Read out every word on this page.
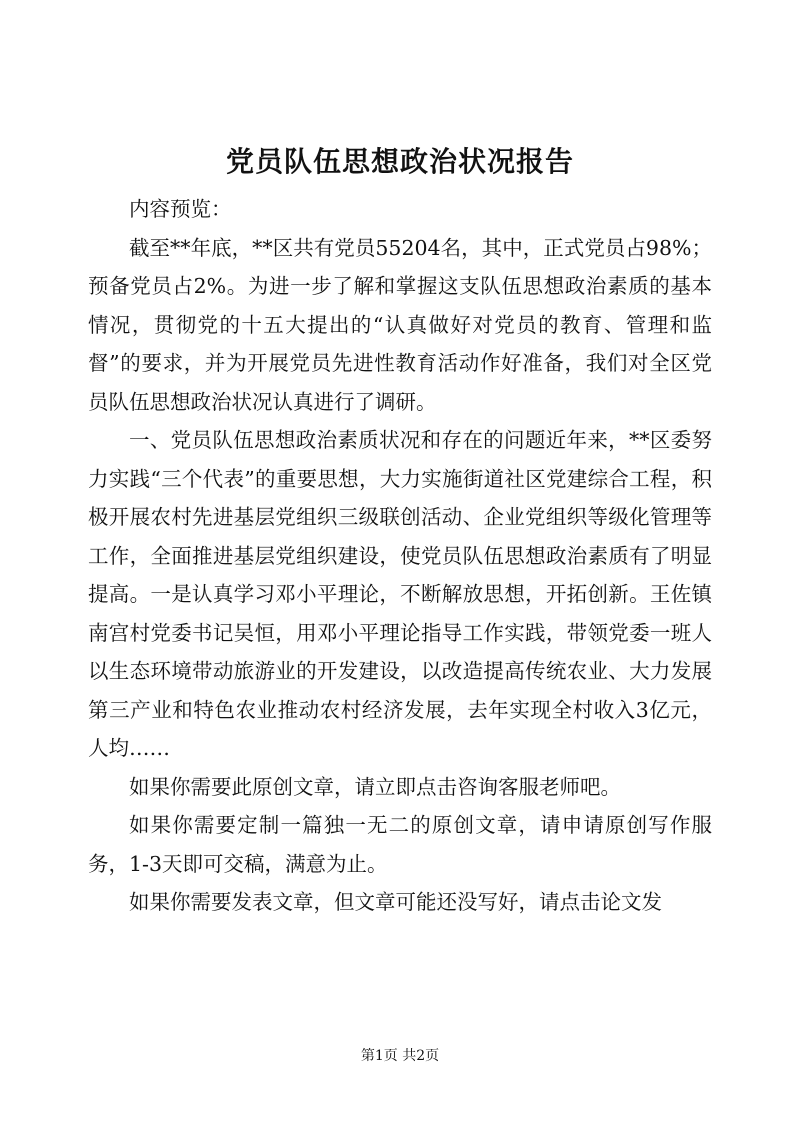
党员队伍思想政治状况报告

内容预览：

截至**年底，**区共有党员55204名，其中，正式党员占98%；预备党员占2%。为进一步了解和掌握这支队伍思想政治素质的基本情况，贯彻党的十五大提出的“认真做好对党员的教育、管理和监督”的要求，并为开展党员先进性教育活动作好准备，我们对全区党员队伍思想政治状况认真进行了调研。

一、党员队伍思想政治素质状况和存在的问题近年来，**区委努力实践“三个代表”的重要思想，大力实施街道社区党建综合工程，积极开展农村先进基层党组织三级联创活动、企业党组织等级化管理等工作，全面推进基层党组织建设，使党员队伍思想政治素质有了明显提高。一是认真学习邓小平理论，不断解放思想，开拓创新。王佐镇南宫村党委书记吴恒，用邓小平理论指导工作实践，带领党委一班人以生态环境带动旅游业的开发建设，以改造提高传统农业、大力发展第三产业和特色农业推动农村经济发展，去年实现全村收入3亿元，人均……

如果你需要此原创文章，请立即点击咨询客服老师吧。

如果你需要定制一篇独一无二的原创文章，请申请原创写作服务，1-3天即可交稿，满意为止。

如果你需要发表文章，但文章可能还没写好，请点击论文发

第1页 共2页
